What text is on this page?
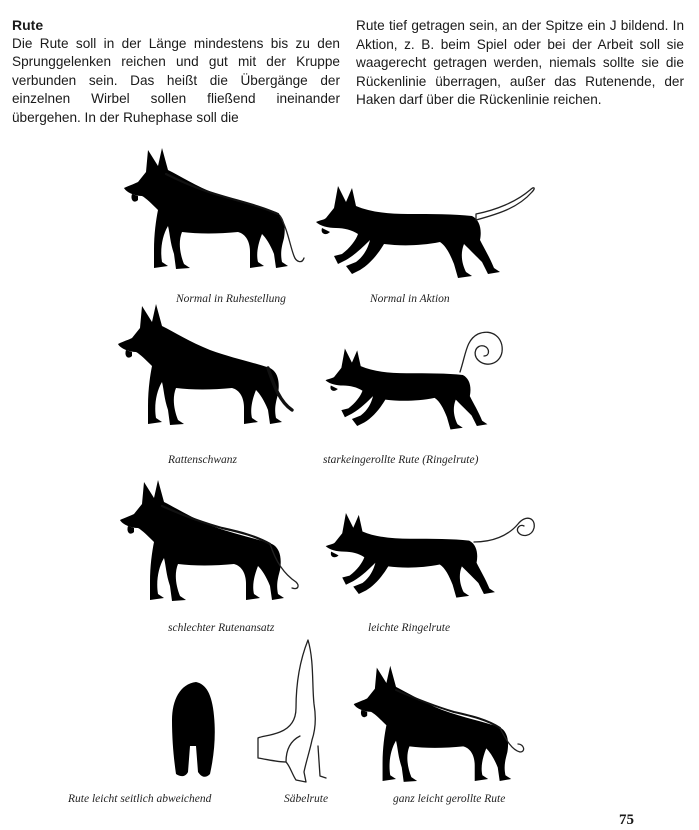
Rute
Die Rute soll in der Länge mindestens bis zu den Sprunggelenken reichen und gut mit der Kruppe verbunden sein. Das heißt die Übergänge der einzelnen Wirbel sollen fließend ineinander übergehen. In der Ruhephase soll die
Rute tief getragen sein, an der Spitze ein J bildend. In Aktion, z. B. beim Spiel oder bei der Arbeit soll sie waagerecht getragen werden, niemals sollte sie die Rückenlinie überragen, außer das Rutenende, der Haken darf über die Rückenlinie reichen.
Normal in Ruhestellung	Normal in Aktion
Rattenschwanz	starkeingerollte Rute (Ringelrute)
schlechter Rutenansatz	leichte Ringelrute
Rute leicht seitlich abweichend	Säbelrute	ganz leicht gerollte Rute
75
